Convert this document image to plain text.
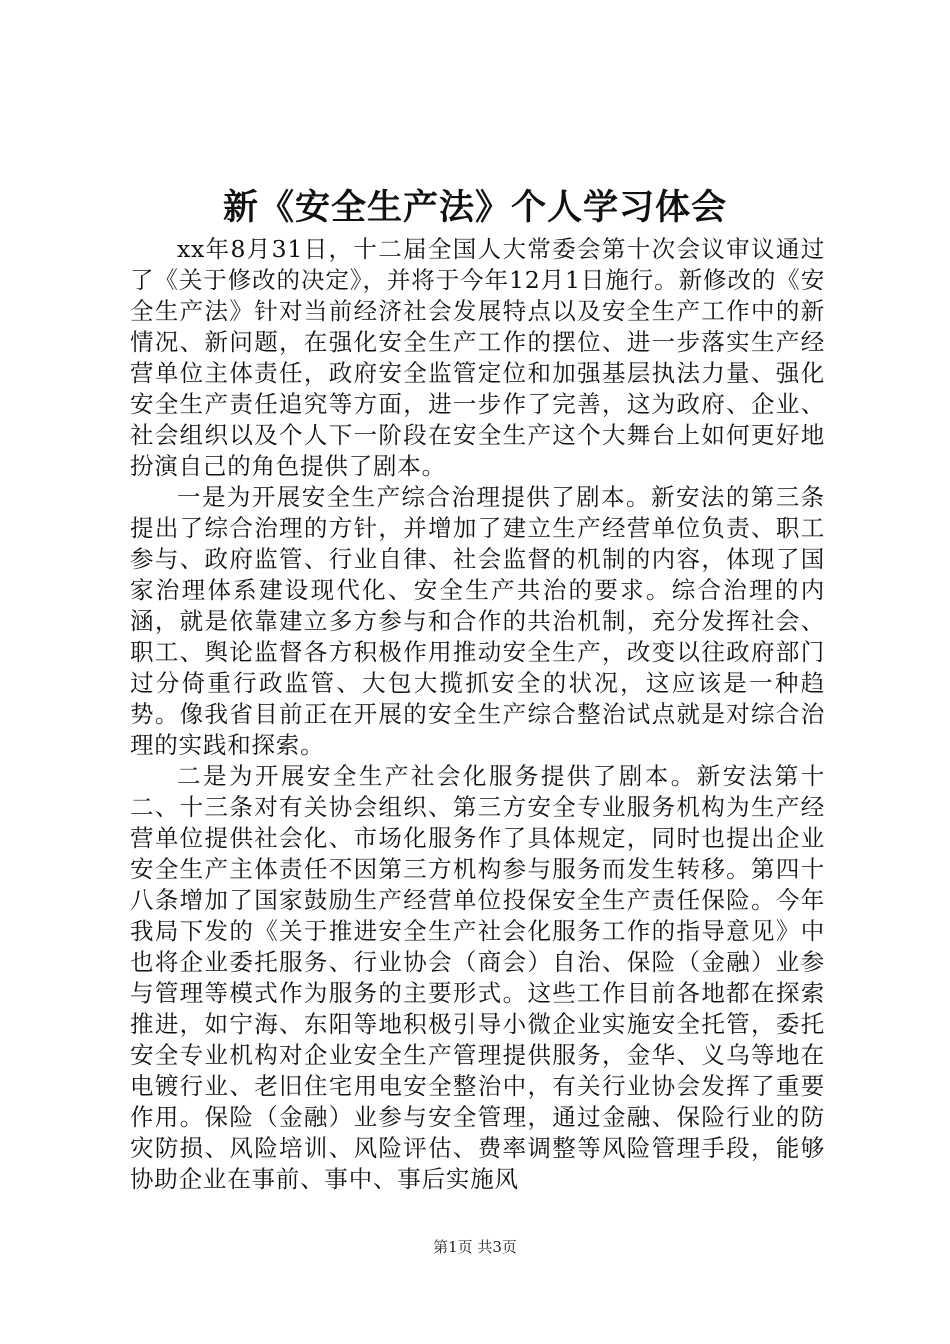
新《安全生产法》个人学习体会

xx年8月31日，十二届全国人大常委会第十次会议审议通过了《关于修改的决定》，并将于今年12月1日施行。新修改的《安全生产法》针对当前经济社会发展特点以及安全生产工作中的新情况、新问题，在强化安全生产工作的摆位、进一步落实生产经营单位主体责任，政府安全监管定位和加强基层执法力量、强化安全生产责任追究等方面，进一步作了完善，这为政府、企业、社会组织以及个人下一阶段在安全生产这个大舞台上如何更好地扮演自己的角色提供了剧本。

一是为开展安全生产综合治理提供了剧本。新安法的第三条提出了综合治理的方针，并增加了建立生产经营单位负责、职工参与、政府监管、行业自律、社会监督的机制的内容，体现了国家治理体系建设现代化、安全生产共治的要求。综合治理的内涵，就是依靠建立多方参与和合作的共治机制，充分发挥社会、职工、舆论监督各方积极作用推动安全生产，改变以往政府部门过分倚重行政监管、大包大揽抓安全的状况，这应该是一种趋势。像我省目前正在开展的安全生产综合整治试点就是对综合治理的实践和探索。

二是为开展安全生产社会化服务提供了剧本。新安法第十二、十三条对有关协会组织、第三方安全专业服务机构为生产经营单位提供社会化、市场化服务作了具体规定，同时也提出企业安全生产主体责任不因第三方机构参与服务而发生转移。第四十八条增加了国家鼓励生产经营单位投保安全生产责任保险。今年我局下发的《关于推进安全生产社会化服务工作的指导意见》中也将企业委托服务、行业协会（商会）自治、保险（金融）业参与管理等模式作为服务的主要形式。这些工作目前各地都在探索推进，如宁海、东阳等地积极引导小微企业实施安全托管，委托安全专业机构对企业安全生产管理提供服务，金华、义乌等地在电镀行业、老旧住宅用电安全整治中，有关行业协会发挥了重要作用。保险（金融）业参与安全管理，通过金融、保险行业的防灾防损、风险培训、风险评估、费率调整等风险管理手段，能够协助企业在事前、事中、事后实施风

第1页 共3页
